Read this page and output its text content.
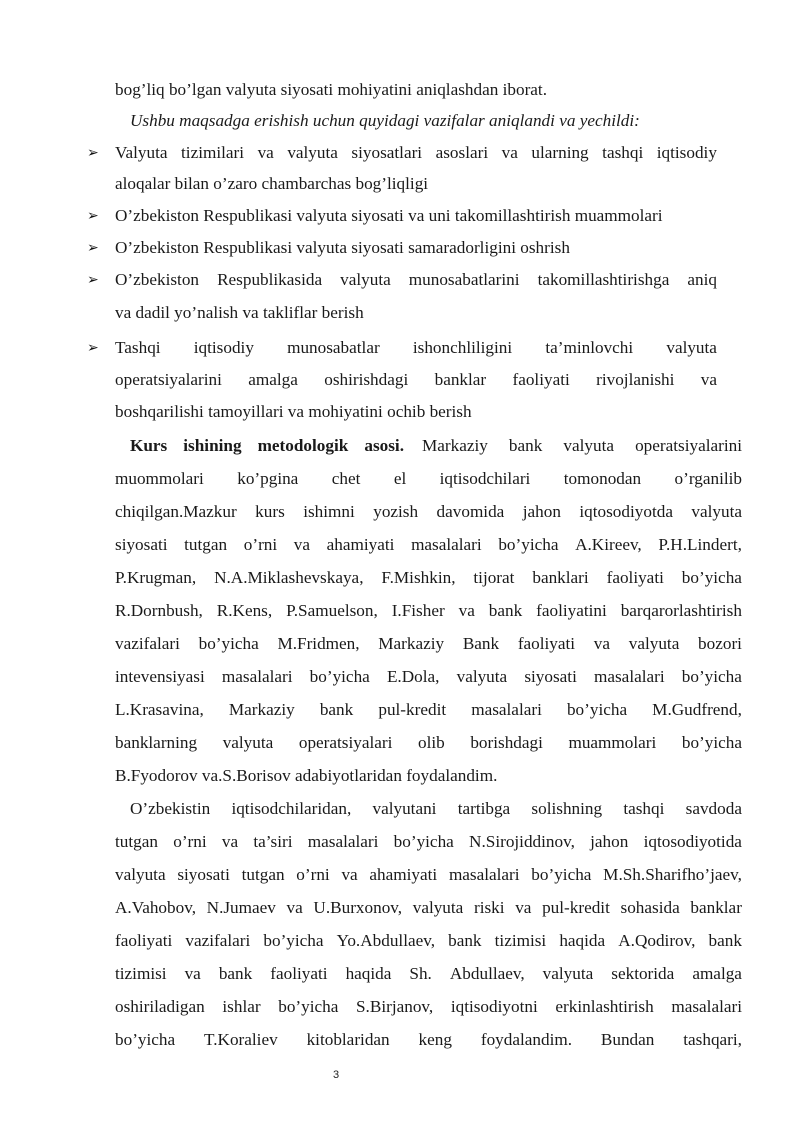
bog’liq bo’lgan valyuta siyosati mohiyatini aniqlashdan iborat.
Ushbu maqsadga erishish uchun quyidagi vazifalar aniqlandi va yechildi:
➢ Valyuta tizimilari va valyuta siyosatlari asoslari va ularning tashqi iqtisodiy
aloqalar bilan o’zaro chambarchas bog’liqligi
➢ O’zbekiston Respublikasi valyuta siyosati va uni takomillashtirish muammolari
➢ O’zbekiston Respublikasi valyuta siyosati samaradorligini oshrish
➢ O’zbekiston Respublikasida valyuta munosabatlarini takomillashtirishga aniq
va dadil yo’nalish va takliflar berish
➢ Tashqi iqtisodiy munosabatlar ishonchliligini ta’minlovchi valyuta
operatsiyalarini amalga oshirishdagi banklar faoliyati rivojlanishi va
boshqarilishi tamoyillari va mohiyatini ochib berish
Kurs ishining metodologik asosi. Markaziy bank valyuta operatsiyalarini
muommolari ko’pgina chet el iqtisodchilari tomonodan o’rganilib
chiqilgan.Mazkur kurs ishimni yozish davomida jahon iqtosodiyotda valyuta
siyosati tutgan o’rni va ahamiyati masalalari bo’yicha A.Kireev, P.H.Lindert,
P.Krugman, N.A.Miklashevskaya, F.Mishkin, tijorat banklari faoliyati bo’yicha
R.Dornbush, R.Kens, P.Samuelson, I.Fisher va bank faoliyatini barqarorlashtirish
vazifalari bo’yicha M.Fridmen, Markaziy Bank faoliyati va valyuta bozori
intevensiyasi masalalari bo’yicha E.Dola, valyuta siyosati masalalari bo’yicha
L.Krasavina, Markaziy bank pul-kredit masalalari bo’yicha M.Gudfrend,
banklarning valyuta operatsiyalari olib borishdagi muammolari bo’yicha
B.Fyodorov va.S.Borisov adabiyotlaridan foydalandim.
O’zbekistin iqtisodchilaridan, valyutani tartibga solishning tashqi savdoda
tutgan o’rni va ta’siri masalalari bo’yicha N.Sirojiddinov, jahon iqtosodiyotida
valyuta siyosati tutgan o’rni va ahamiyati masalalari bo’yicha M.Sh.Sharifho’jaev,
A.Vahobov, N.Jumaev va U.Burxonov, valyuta riski va pul-kredit sohasida banklar
faoliyati vazifalari bo’yicha Yo.Abdullaev, bank tizimisi haqida A.Qodirov, bank
tizimisi va bank faoliyati haqida Sh. Abdullaev, valyuta sektorida amalga
oshiriladigan ishlar bo’yicha S.Birjanov, iqtisodiyotni erkinlashtirish masalalari
bo’yicha T.Koraliev kitoblaridan keng foydalandim. Bundan tashqari,
3
